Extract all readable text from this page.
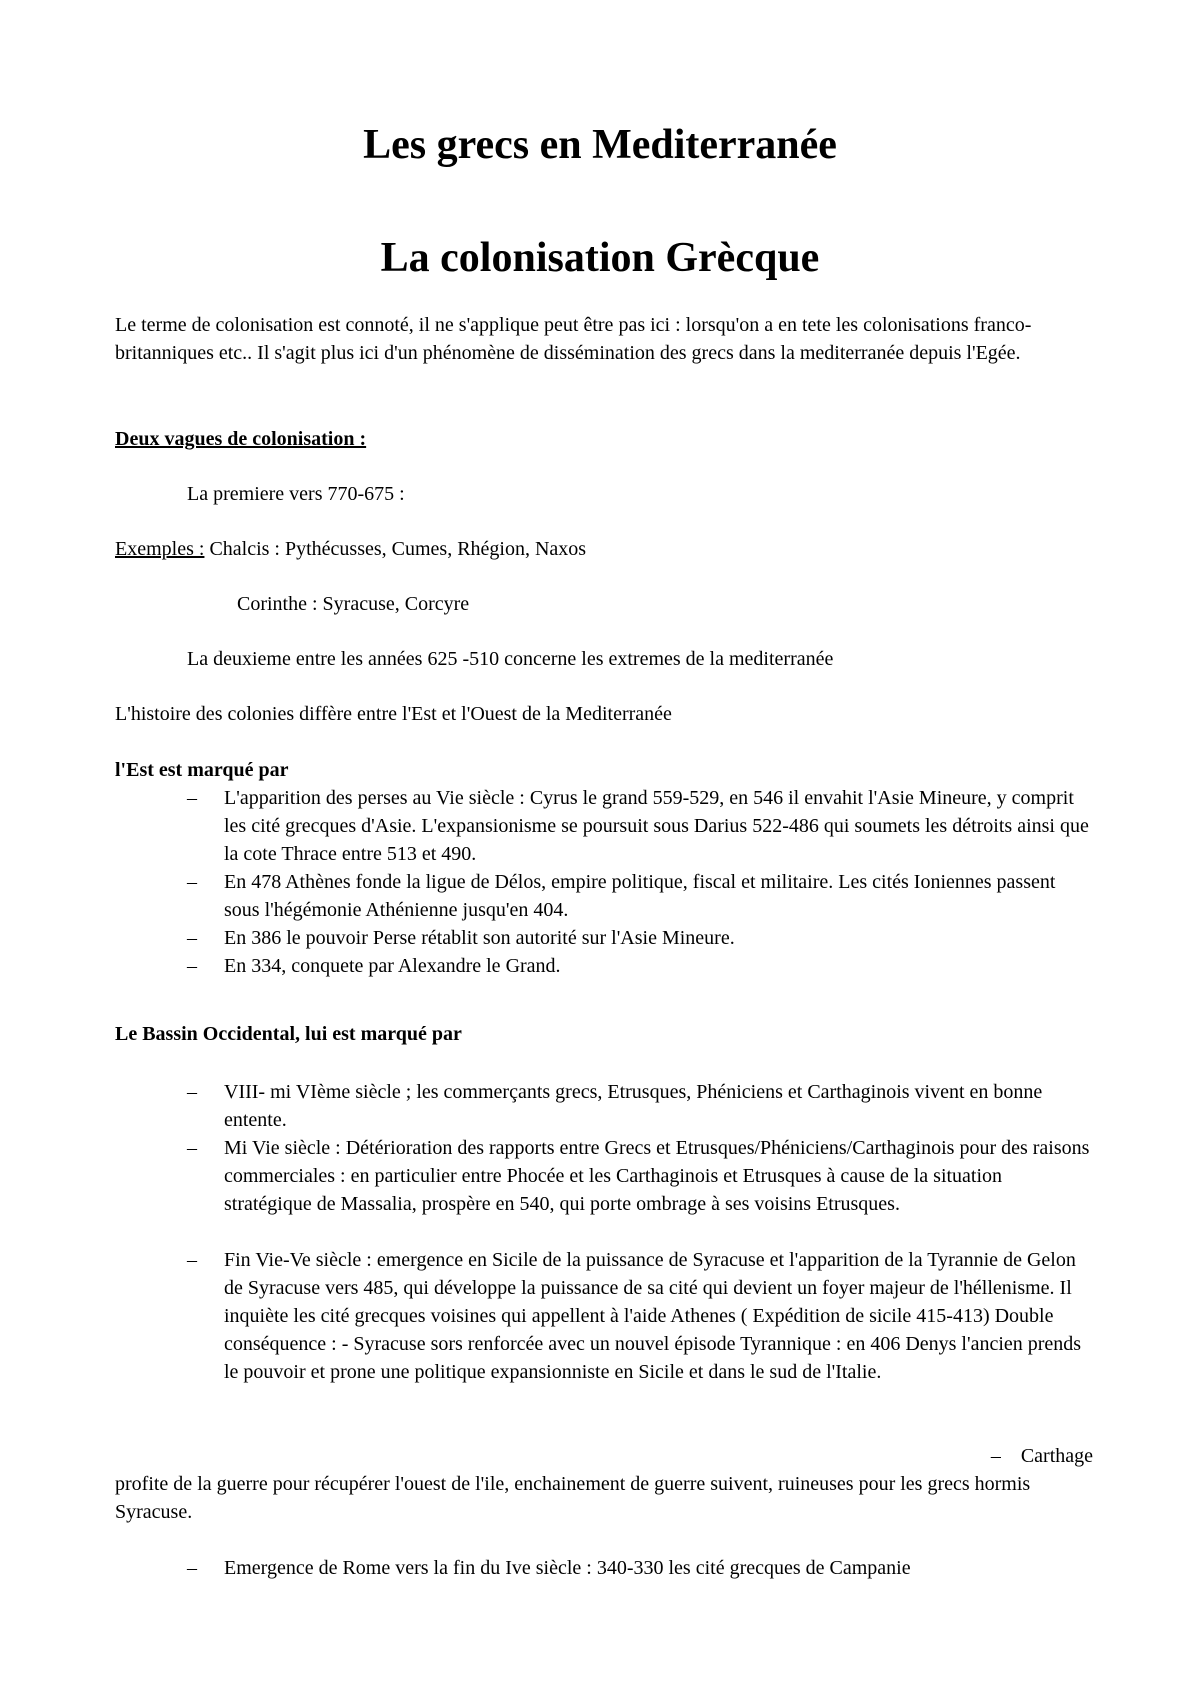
Les grecs en Mediterranée
La colonisation Grècque

Le terme de colonisation est connoté, il ne s'applique peut être pas ici : lorsqu'on a en tete les colonisations franco-britanniques etc.. Il s'agit plus ici d'un phénomène de dissémination des grecs dans la mediterranée depuis l'Egée.

Deux vagues de colonisation :

La premiere vers 770-675 :

Exemples : Chalcis : Pythécusses, Cumes, Rhégion, Naxos

Corinthe : Syracuse, Corcyre

La deuxieme entre les années 625 -510 concerne les extremes de la mediterranée

L'histoire des colonies diffère entre l'Est et l'Ouest de la Mediterranée

l'Est est marqué par

–	L'apparition des perses au Vie siècle : Cyrus le grand 559-529, en 546 il envahit l'Asie Mineure, y comprit les cité grecques d'Asie. L'expansionisme se poursuit sous Darius 522-486 qui soumets les détroits ainsi que la cote Thrace entre 513 et 490.

–	En 478 Athènes fonde la ligue de Délos, empire politique, fiscal et militaire. Les cités Ioniennes passent sous l'hégémonie Athénienne jusqu'en 404.

–	En 386 le pouvoir Perse rétablit son autorité sur l'Asie Mineure.

–	En 334, conquete par Alexandre le Grand.

Le Bassin Occidental, lui est marqué par

–	VIII- mi VIème siècle ; les commerçants grecs, Etrusques, Phéniciens et Carthaginois vivent en bonne entente.

–	Mi Vie siècle : Détérioration des rapports entre Grecs et Etrusques/Phéniciens/Carthaginois pour des raisons commerciales : en particulier entre Phocée et les Carthaginois et Etrusques à cause de la situation stratégique de Massalia, prospère en 540, qui porte ombrage à ses voisins Etrusques.

–	Fin Vie-Ve siècle : emergence en Sicile de la puissance de Syracuse et l'apparition de la Tyrannie de Gelon de Syracuse vers 485, qui développe la puissance de sa cité qui devient un foyer majeur de l'héllenisme. Il inquiète les cité grecques voisines qui appellent à l'aide Athenes ( Expédition de sicile 415-413) Double conséquence : - Syracuse sors renforcée avec un nouvel épisode Tyrannique : en 406 Denys l'ancien prends le pouvoir et prone une politique expansionniste en Sicile et dans le sud de l'Italie.

– Carthage

profite de la guerre pour récupérer l'ouest de l'ile, enchainement de guerre suivent, ruineuses pour les grecs hormis Syracuse.

–	Emergence de Rome vers la fin du Ive siècle : 340-330 les cité grecques de Campanie
